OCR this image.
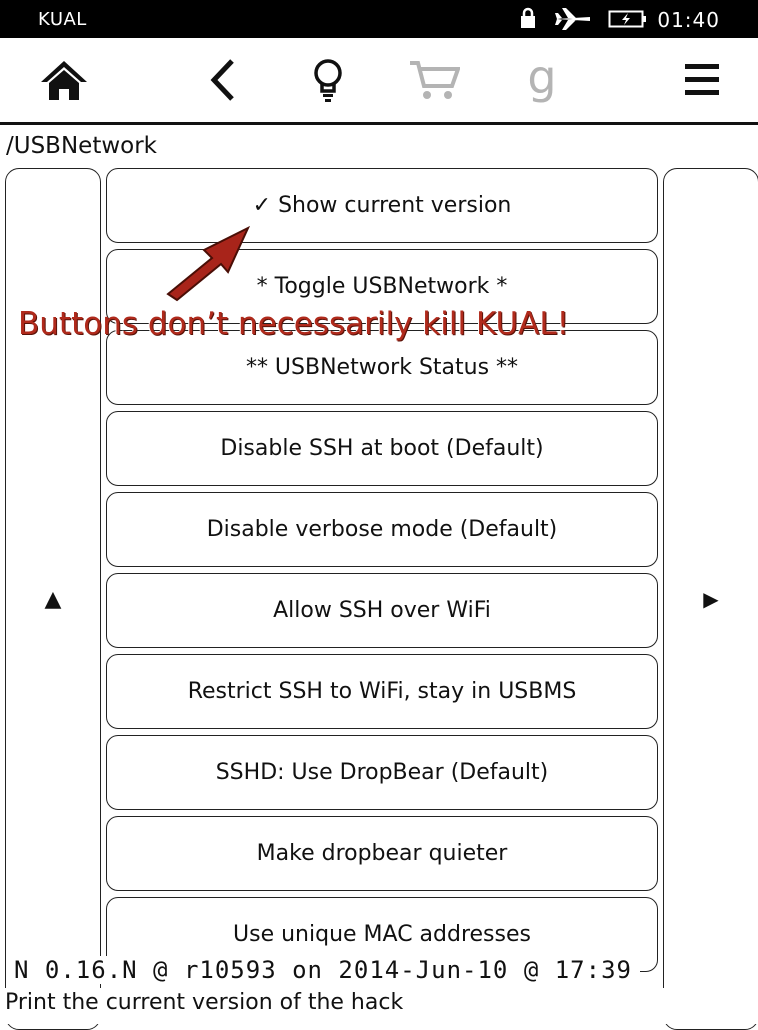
KUAL	01:40
g
/USBNetwork
▲	▶
✓ Show current version
* Toggle USBNetwork *
** USBNetwork Status **
Disable SSH at boot (Default)
Disable verbose mode (Default)
Allow SSH over WiFi
Restrict SSH to WiFi, stay in USBMS
SSHD: Use DropBear (Default)
Make dropbear quieter
Use unique MAC addresses
Buttons don’t necessarily kill KUAL!
N 0.16.N @ r10593 on 2014-Jun-10 @ 17:39
Print the current version of the hack
